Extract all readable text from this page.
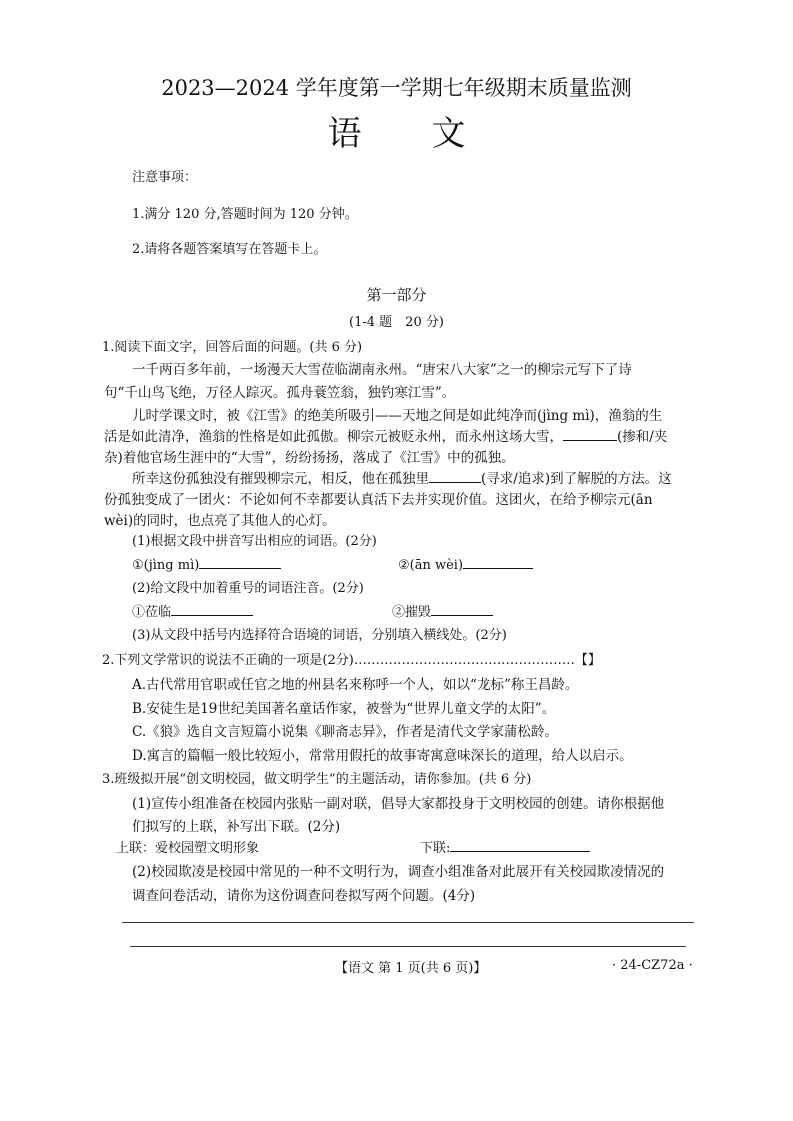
2023—2024 学年度第一学期七年级期末质量监测
语文
注意事项：
1.满分 120 分,答题时间为 120 分钟。
2.请将各题答案填写在答题卡上。
第一部分
(1-4 题　20 分)
1.阅读下面文字，回答后面的问题。(共 6 分)
一千两百多年前，一场漫天大雪莅临湖南永州。“唐宋八大家”之一的柳宗元写下了诗
句“千山鸟飞绝，万径人踪灭。孤舟蓑笠翁，独钓寒江雪”。
儿时学课文时，被《江雪》的绝美所吸引——天地之间是如此纯净而(jìng mì)，渔翁的生
活是如此清净，渔翁的性格是如此孤傲。柳宗元被贬永州，而永州这场大雪，	(掺和/夹
杂)着他官场生涯中的“大雪”，纷纷扬扬，落成了《江雪》中的孤独。
所幸这份孤独没有摧毁柳宗元，相反，他在孤独里	(寻求/追求)到了解脱的方法。这
份孤独变成了一团火：不论如何不幸都要认真活下去并实现价值。这团火，在给予柳宗元(ān
wèi)的同时，也点亮了其他人的心灯。
(1)根据文段中拼音写出相应的词语。(2分)
①(jìng mì)	②(ān wèi)
(2)给文段中加着重号的词语注音。(2分)
①莅临	②摧毁
(3)从文段中括号内选择符合语境的词语，分别填入横线处。(2分)
2.下列文学常识的说法不正确的一项是(2分)……………………………………………【】
A.古代常用官职或任官之地的州县名来称呼一个人，如以“龙标”称王昌龄。
B.安徒生是19世纪美国著名童话作家，被誉为“世界儿童文学的太阳”。
C.《狼》选自文言短篇小说集《聊斋志异》，作者是清代文学家蒲松龄。
D.寓言的篇幅一般比较短小，常常用假托的故事寄寓意味深长的道理，给人以启示。
3.班级拟开展“创文明校园，做文明学生”的主题活动，请你参加。(共 6 分)
(1)宣传小组准备在校园内张贴一副对联，倡导大家都投身于文明校园的创建。请你根据他
们拟写的上联，补写出下联。(2分)
上联：爱校园塑文明形象	下联:
(2)校园欺凌是校园中常见的一种不文明行为，调查小组准备对此展开有关校园欺凌情况的
调查问卷活动，请你为这份调查问卷拟写两个问题。(4分)
【语文 第 1 页(共 6 页)】	· 24-CZ72a ·
